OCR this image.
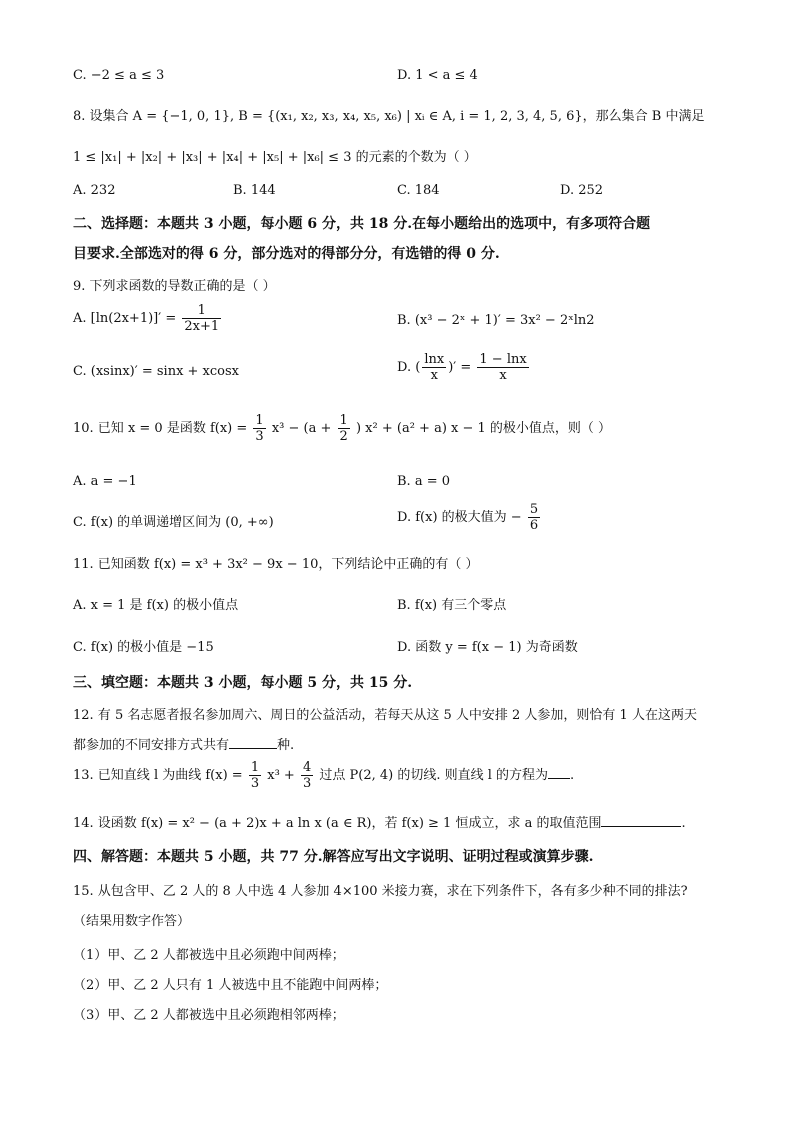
C. −2 ≤ a ≤ 3	D. 1 < a ≤ 4
8. 设集合 A = {−1, 0, 1}, B = {(x₁, x₂, x₃, x₄, x₅, x₆) | xᵢ ∈ A, i = 1, 2, 3, 4, 5, 6}，那么集合 B 中满足
1 ≤ |x₁| + |x₂| + |x₃| + |x₄| + |x₅| + |x₆| ≤ 3 的元素的个数为（ ）
A. 232	B. 144	C. 184	D. 252
二、选择题：本题共 3 小题，每小题 6 分，共 18 分.在每小题给出的选项中，有多项符合题
目要求.全部选对的得 6 分，部分选对的得部分分，有选错的得 0 分.
9. 下列求函数的导数正确的是（ ）
A. $[\ln(2x+1)]' = \frac{1}{2x+1}$	B. (x³ − 2ˣ + 1)′ = 3x² − 2ˣln2
C. (xsinx)′ = sinx + xcosx	D. ( $\frac{\ln x}{x}$ )′ = $\frac{1 - \ln x}{x}$
10. 已知 x = 0 是函数 $f(x) = \frac{1}{3} x^3 - (a + \frac{1}{2}$ ) x² + (a² + a) x − 1 的极小值点，则（ ）
A. a = −1	B. a = 0
C. f(x) 的单调递增区间为 (0, +∞)	D. f(x) 的极大值为 − $\frac{5}{6}$
11. 已知函数 f(x) = x³ + 3x² − 9x − 10，下列结论中正确的有（ ）
A. x = 1 是 f(x) 的极小值点	B. f(x) 有三个零点
C. f(x) 的极小值是 −15	D. 函数 y = f(x − 1) 为奇函数
三、填空题：本题共 3 小题，每小题 5 分，共 15 分.
12. 有 5 名志愿者报名参加周六、周日的公益活动，若每天从这 5 人中安排 2 人参加，则恰有 1 人在这两天
都参加的不同安排方式共有	种.
13. 已知直线 l 为曲线 $f(x) = \frac{1}{3} x^3 + \frac{4}{3}$ 过点 P(2, 4) 的切线. 则直线 l 的方程为 .
14. 设函数 f(x) = x² − (a + 2)x + a ln x (a ∈ R)，若 f(x) ≥ 1 恒成立，求 a 的取值范围	.
四、解答题：本题共 5 小题，共 77 分.解答应写出文字说明、证明过程或演算步骤.
15. 从包含甲、乙 2 人的 8 人中选 4 人参加 4×100 米接力赛，求在下列条件下，各有多少种不同的排法?
（结果用数字作答）
（1）甲、乙 2 人都被选中且必须跑中间两棒；
（2）甲、乙 2 人只有 1 人被选中且不能跑中间两棒；
（3）甲、乙 2 人都被选中且必须跑相邻两棒；
